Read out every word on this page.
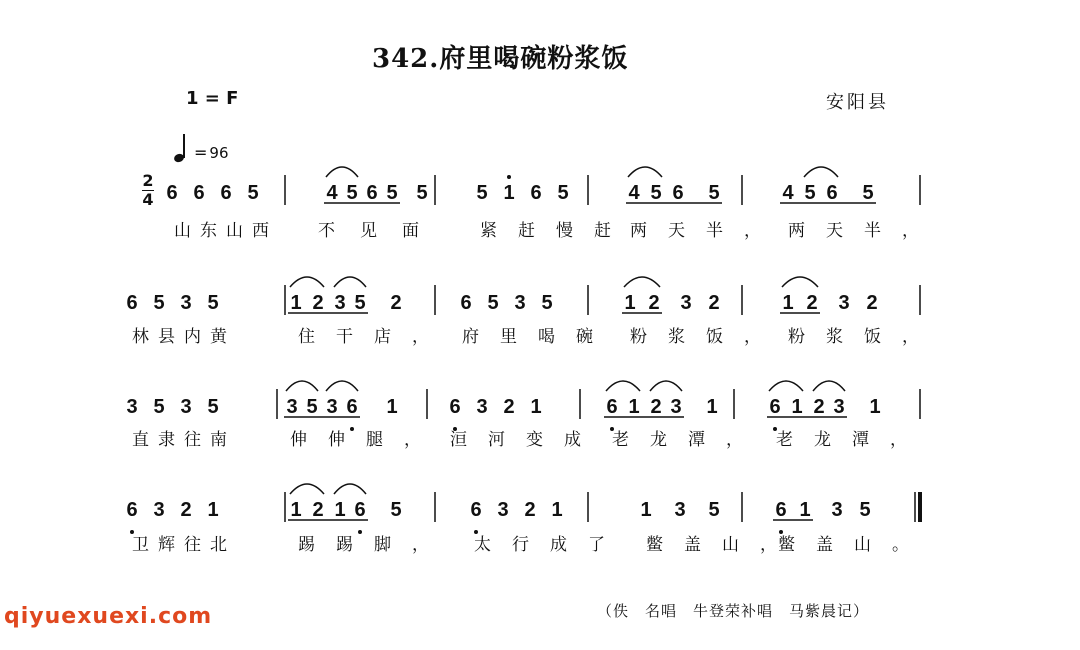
342.府里喝碗粉浆饭
1 = F	安阳县
= 96
2
4 6 6 6 5
山 东 山 西
4 5 6 5 5
不 见 面
5 1 6 5
紧 赶 慢 赶
4 5 6 5
两 天 半 ，
4 5 6 5
两 天 半 ，
6 5 3 5
林 县 内 黄
1 2 3 5 2
住 干 店 ，
6 5 3 5
府 里 喝 碗
1 2 3 2
粉 浆 饭 ，
1 2 3 2
粉 浆 饭 ，
3 5 3 5
直 隶 往 南
3 5 3 6 1
伸 伸 腿 ，
6 3 2 1
洹 河 变 成
6 1 2 3 1
老 龙 潭 ，
6 1 2 3 1
老 龙 潭 ，
6 3 2 1
卫 辉 往 北
1 2 1 6 5
踢 踢 脚 ，
6 3 2 1
太 行 成 了
1 3 5
鳖 盖 山 ，
6 1 3 5
鳖 盖 山 。
（佚　名唱　牛登荣补唱　马紫晨记）
qiyuexuexi.com
